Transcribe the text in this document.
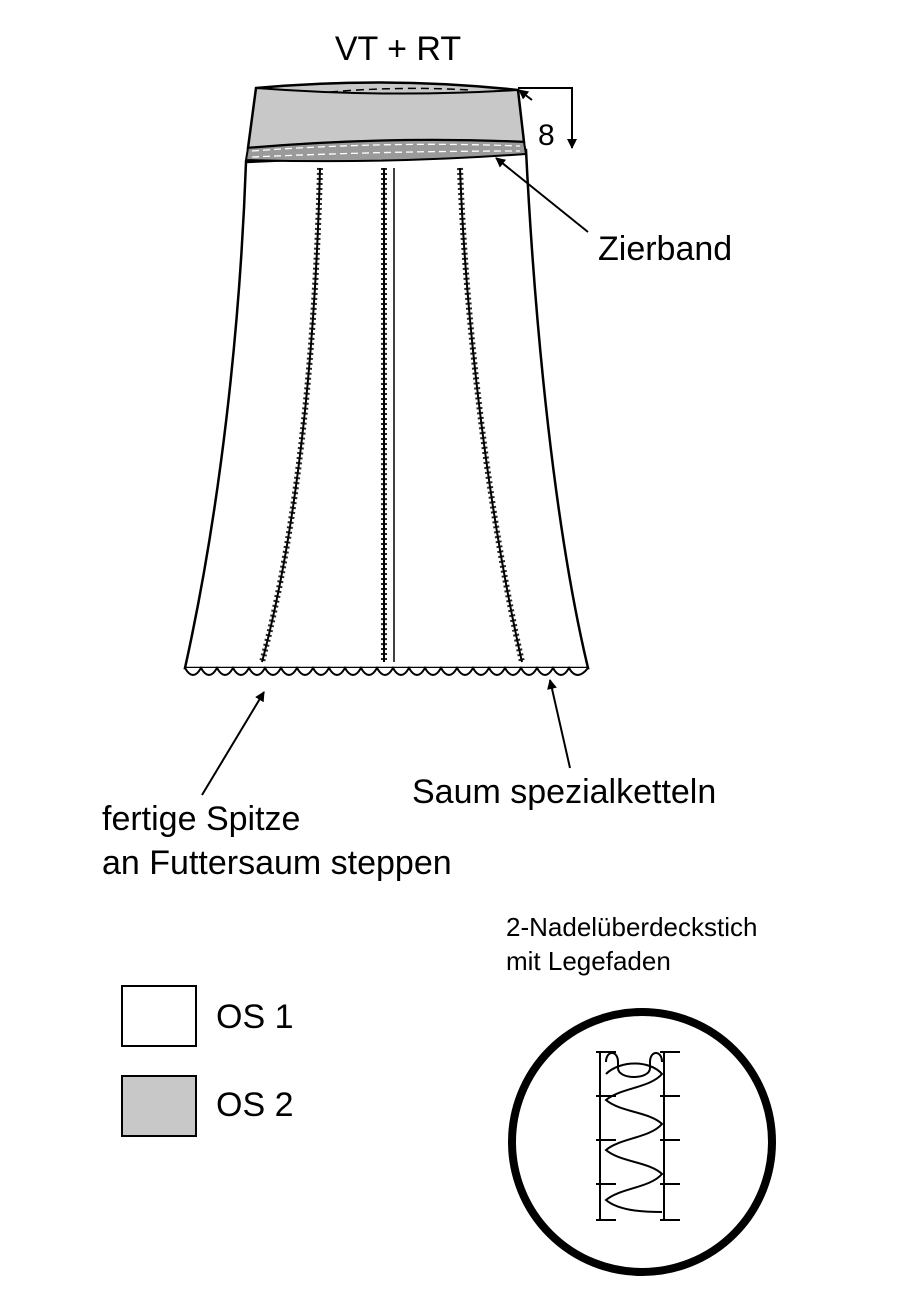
VT + RT
8
Zierband
Saum spezialketteln
fertige Spitze
an Futtersaum steppen
OS 1
OS 2
2-Nadelüberdeckstich
mit Legefaden
